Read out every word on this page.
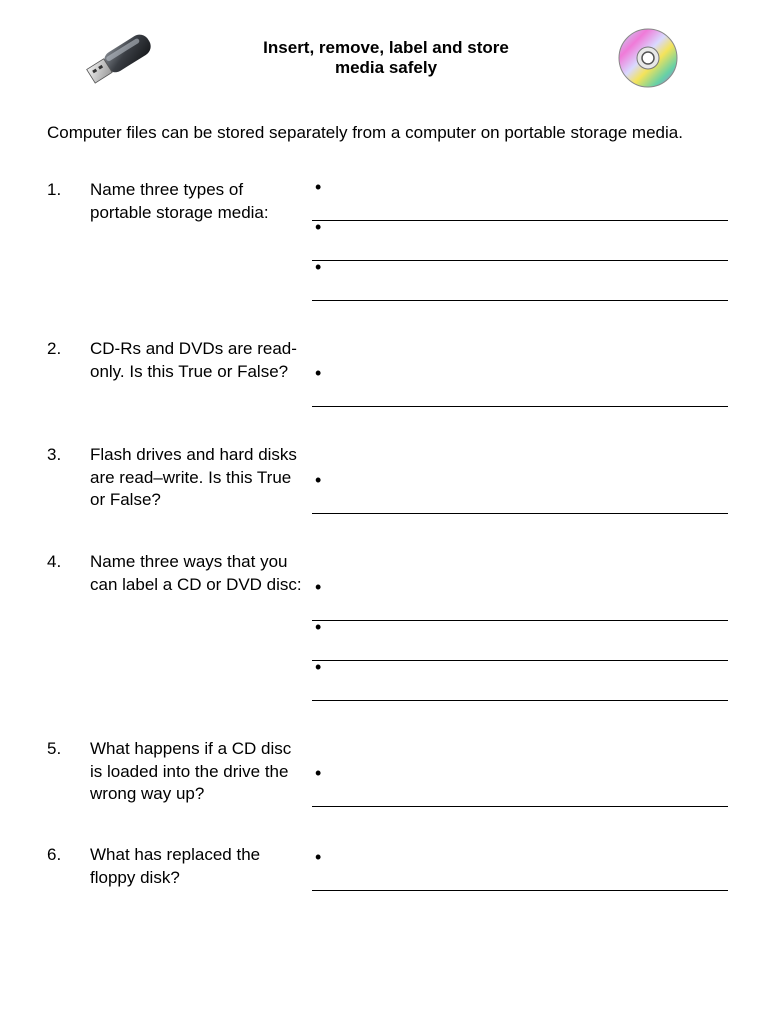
Insert, remove, label and store
media safely
Computer files can be stored separately from a computer on portable storage media.
1. Name three types of portable storage media:
•
•
•
2. CD-Rs and DVDs are read-only. Is this True or False?	•
3. Flash drives and hard disks are read–write. Is this True or False?
•
4. Name three ways that you can label a CD or DVD disc: •
•
•
5. What happens if a CD disc is loaded into the drive the wrong way up?
•
6. What has replaced the floppy disk?
•
